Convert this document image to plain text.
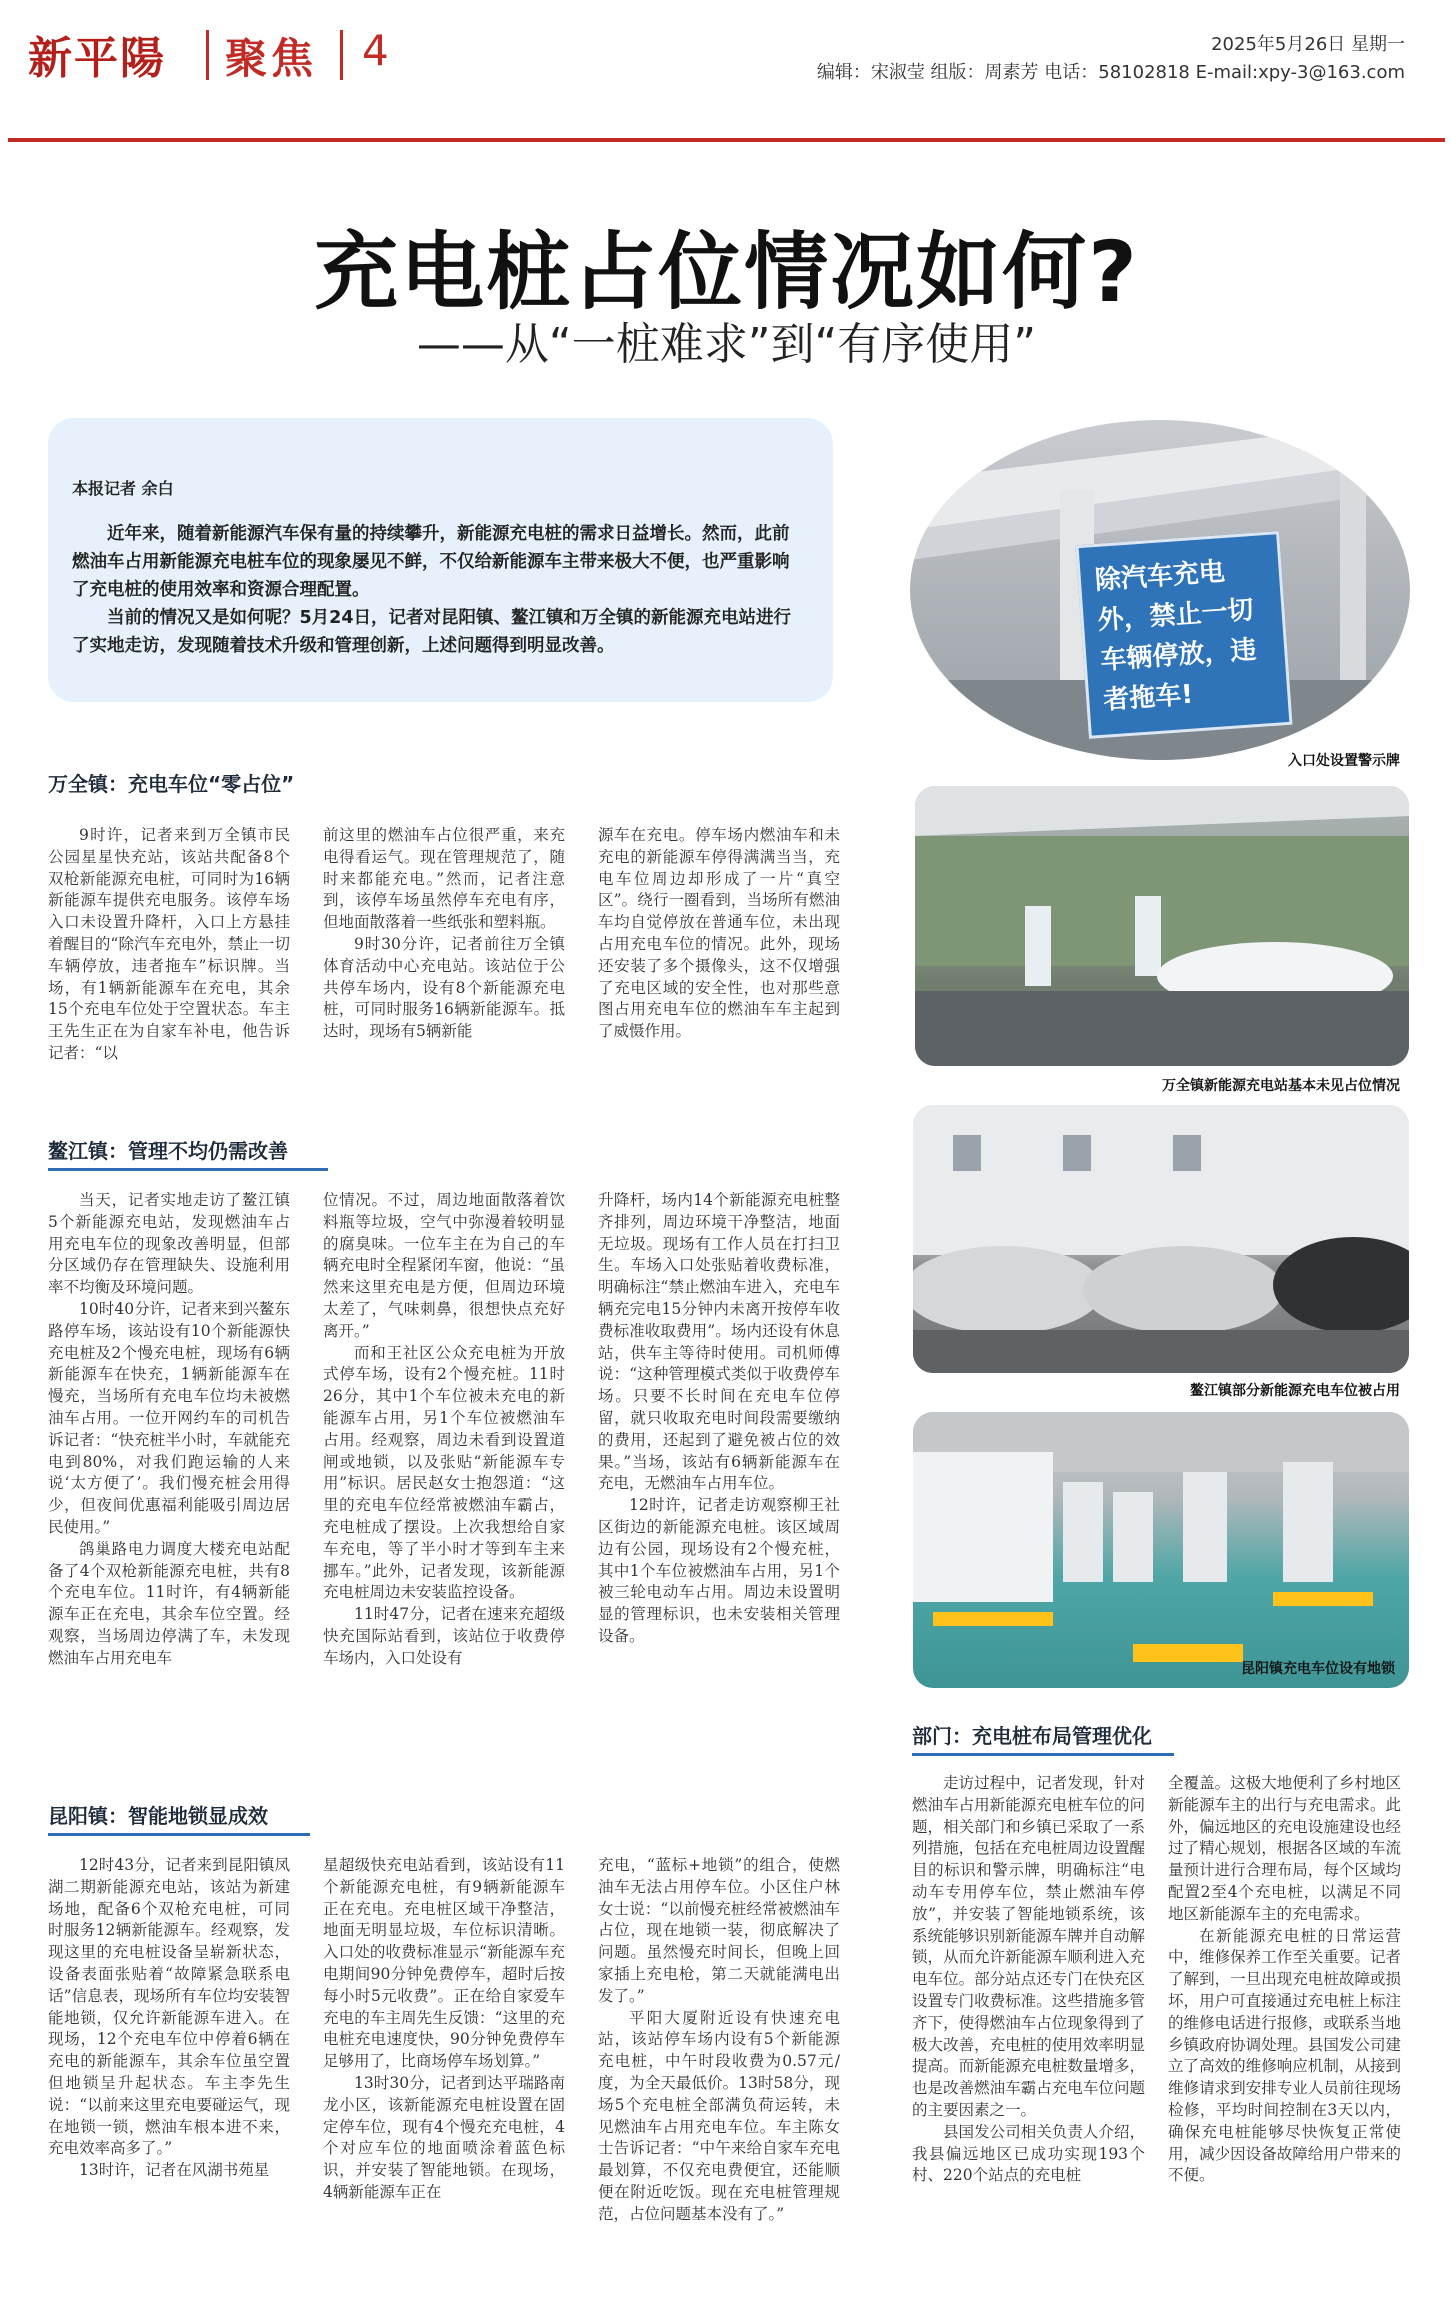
新平陽 聚焦 4	2025年5月26日 星期一
编辑：宋淑莹 组版：周素芳 电话：58102818 E-mail:xpy-3@163.com
充电桩占位情况如何?
——从“一桩难求”到“有序使用”
本报记者 余白
近年来，随着新能源汽车保有量的持续攀升，新能源充电桩的需求日益增长。然而，此前燃油车占用新能源充电桩车位的现象屡见不鲜，不仅给新能源车主带来极大不便，也严重影响了充电桩的使用效率和资源合理配置。
当前的情况又是如何呢？5月24日，记者对昆阳镇、鳌江镇和万全镇的新能源充电站进行了实地走访，发现随着技术升级和管理创新，上述问题得到明显改善。
除汽车充电外，禁止一切车辆停放，违者拖车!
入口处设置警示牌
万全镇：充电车位“零占位”

9时许，记者来到万全镇市民公园星星快充站，该站共配备8个双枪新能源充电桩，可同时为16辆新能源车提供充电服务。该停车场入口未设置升降杆，入口上方悬挂着醒目的“除汽车充电外，禁止一切车辆停放，违者拖车”标识牌。当场，有1辆新能源车在充电，其余15个充电车位处于空置状态。车主王先生正在为自家车补电，他告诉记者：“以

前这里的燃油车占位很严重，来充电得看运气。现在管理规范了，随时来都能充电。”然而，记者注意到，该停车场虽然停车充电有序，但地面散落着一些纸张和塑料瓶。

9时30分许，记者前往万全镇体育活动中心充电站。该站位于公共停车场内，设有8个新能源充电桩，可同时服务16辆新能源车。抵达时，现场有5辆新能

源车在充电。停车场内燃油车和未充电的新能源车停得满满当当，充电车位周边却形成了一片“真空区”。绕行一圈看到，当场所有燃油车均自觉停放在普通车位，未出现占用充电车位的情况。此外，现场还安装了多个摄像头，这不仅增强了充电区域的安全性，也对那些意图占用充电车位的燃油车车主起到了威慑作用。

万全镇新能源充电站基本未见占位情况
鳌江镇：管理不均仍需改善

当天，记者实地走访了鳌江镇5个新能源充电站，发现燃油车占用充电车位的现象改善明显，但部分区域仍存在管理缺失、设施利用率不均衡及环境问题。

10时40分许，记者来到兴鳌东路停车场，该站设有10个新能源快充电桩及2个慢充电桩，现场有6辆新能源车在快充，1辆新能源车在慢充，当场所有充电车位均未被燃油车占用。一位开网约车的司机告诉记者：“快充桩半小时，车就能充电到80%，对我们跑运输的人来说‘太方便了’。我们慢充桩会用得少，但夜间优惠福利能吸引周边居民使用。”

鸽巢路电力调度大楼充电站配备了4个双枪新能源充电桩，共有8个充电车位。11时许，有4辆新能源车正在充电，其余车位空置。经观察，当场周边停满了车，未发现燃油车占用充电车

位情况。不过，周边地面散落着饮料瓶等垃圾，空气中弥漫着较明显的腐臭味。一位车主在为自己的车辆充电时全程紧闭车窗，他说：“虽然来这里充电是方便，但周边环境太差了，气味刺鼻，很想快点充好离开。”

而和王社区公众充电桩为开放式停车场，设有2个慢充桩。11时26分，其中1个车位被未充电的新能源车占用，另1个车位被燃油车占用。经观察，周边未看到设置道闸或地锁，以及张贴“新能源车专用”标识。居民赵女士抱怨道：“这里的充电车位经常被燃油车霸占，充电桩成了摆设。上次我想给自家车充电，等了半小时才等到车主来挪车。”此外，记者发现，该新能源充电桩周边未安装监控设备。

11时47分，记者在速来充超级快充国际站看到，该站位于收费停车场内，入口处设有

升降杆，场内14个新能源充电桩整齐排列，周边环境干净整洁，地面无垃圾。现场有工作人员在打扫卫生。车场入口处张贴着收费标准，明确标注“禁止燃油车进入，充电车辆充完电15分钟内未离开按停车收费标准收取费用”。场内还设有休息站，供车主等待时使用。司机师傅说：“这种管理模式类似于收费停车场。只要不长时间在充电车位停留，就只收取充电时间段需要缴纳的费用，还起到了避免被占位的效果。”当场，该站有6辆新能源车在充电，无燃油车占用车位。

12时许，记者走访观察柳王社区街边的新能源充电桩。该区域周边有公园，现场设有2个慢充桩，其中1个车位被燃油车占用，另1个被三轮电动车占用。周边未设置明显的管理标识，也未安装相关管理设备。

鳌江镇部分新能源充电车位被占用
昆阳镇充电车位设有地锁
昆阳镇：智能地锁显成效

12时43分，记者来到昆阳镇凤湖二期新能源充电站，该站为新建场地，配备6个双枪充电桩，可同时服务12辆新能源车。经观察，发现这里的充电桩设备呈崭新状态，设备表面张贴着“故障紧急联系电话”信息表，现场所有车位均安装智能地锁，仅允许新能源车进入。在现场，12个充电车位中停着6辆在充电的新能源车，其余车位虽空置但地锁呈升起状态。车主李先生说：“以前来这里充电要碰运气，现在地锁一锁，燃油车根本进不来，充电效率高多了。”

13时许，记者在风湖书苑星

星超级快充电站看到，该站设有11个新能源充电桩，有9辆新能源车正在充电。充电桩区域干净整洁，地面无明显垃圾，车位标识清晰。入口处的收费标准显示“新能源车充电期间90分钟免费停车，超时后按每小时5元收费”。正在给自家爱车充电的车主周先生反馈：“这里的充电桩充电速度快，90分钟免费停车足够用了，比商场停车场划算。”

13时30分，记者到达平瑞路南龙小区，该新能源充电桩设置在固定停车位，现有4个慢充充电桩，4个对应车位的地面喷涂着蓝色标识，并安装了智能地锁。在现场，4辆新能源车正在

充电，“蓝标+地锁”的组合，使燃油车无法占用停车位。小区住户林女士说：“以前慢充桩经常被燃油车占位，现在地锁一装，彻底解决了问题。虽然慢充时间长，但晚上回家插上充电枪，第二天就能满电出发了。”

平阳大厦附近设有快速充电站，该站停车场内设有5个新能源充电桩，中午时段收费为0.57元/度，为全天最低价。13时58分，现场5个充电桩全部满负荷运转，未见燃油车占用充电车位。车主陈女士告诉记者：“中午来给自家车充电最划算，不仅充电费便宜，还能顺便在附近吃饭。现在充电桩管理规范，占位问题基本没有了。”

部门：充电桩布局管理优化

走访过程中，记者发现，针对燃油车占用新能源充电桩车位的问题，相关部门和乡镇已采取了一系列措施，包括在充电桩周边设置醒目的标识和警示牌，明确标注“电动车专用停车位，禁止燃油车停放”，并安装了智能地锁系统，该系统能够识别新能源车牌并自动解锁，从而允许新能源车顺利进入充电车位。部分站点还专门在快充区设置专门收费标准。这些措施多管齐下，使得燃油车占位现象得到了极大改善，充电桩的使用效率明显提高。而新能源充电桩数量增多，也是改善燃油车霸占充电车位问题的主要因素之一。

县国发公司相关负责人介绍，我县偏远地区已成功实现193个村、220个站点的充电桩

全覆盖。这极大地便利了乡村地区新能源车主的出行与充电需求。此外，偏远地区的充电设施建设也经过了精心规划，根据各区域的车流量预计进行合理布局，每个区域均配置2至4个充电桩，以满足不同地区新能源车主的充电需求。

在新能源充电桩的日常运营中，维修保养工作至关重要。记者了解到，一旦出现充电桩故障或损坏，用户可直接通过充电桩上标注的维修电话进行报修，或联系当地乡镇政府协调处理。县国发公司建立了高效的维修响应机制，从接到维修请求到安排专业人员前往现场检修，平均时间控制在3天以内，确保充电桩能够尽快恢复正常使用，减少因设备故障给用户带来的不便。
